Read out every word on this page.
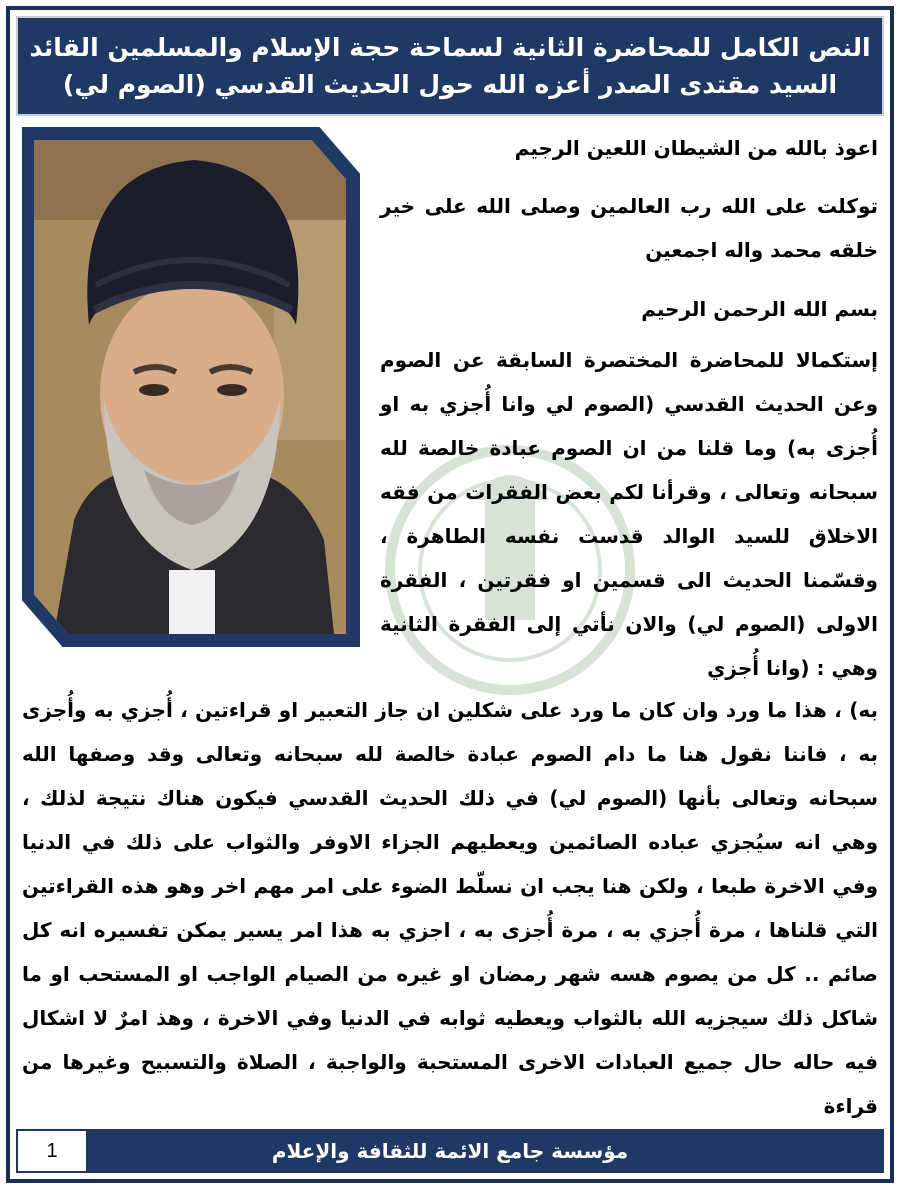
النص الكامل للمحاضرة الثانية لسماحة حجة الإسلام والمسلمين القائد
السيد مقتدى الصدر أعزه الله حول الحديث القدسي (الصوم لي)
اعوذ بالله من الشيطان اللعين الرجيم
توكلت على الله رب العالمين وصلى الله على خير خلقه محمد واله اجمعين
بسم الله الرحمن الرحيم
إستكمالا للمحاضرة المختصرة السابقة عن الصوم وعن الحديث القدسي (الصوم لي وانا أُجزي به او أُجزى به) وما قلنا من ان الصوم عبادة خالصة لله سبحانه وتعالى ، وقرأنا لكم بعض الفقرات من فقه الاخلاق للسيد الوالد قدست نفسه الطاهرة ، وقسّمنا الحديث الى قسمين او فقرتين ، الفقرة الاولى (الصوم لي) والان نأتي إلى الفقرة الثانية وهي : (وانا أُجزي
به) ، هذا ما ورد وان كان ما ورد على شكلين ان جاز التعبير او قراءتين ، أُجزي به وأُجزى به ، فاننا نقول هنا ما دام الصوم عبادة خالصة لله سبحانه وتعالى وقد وصفها الله سبحانه وتعالى بأنها (الصوم لي) في ذلك الحديث القدسي فيكون هناك نتيجة لذلك ، وهي انه سيُجزي عباده الصائمين ويعطيهم الجزاء الاوفر والثواب على ذلك في الدنيا وفي الاخرة طبعا ، ولكن هنا يجب ان نسلّط الضوء على امر مهم اخر وهو هذه القراءتين التي قلناها ، مرة أُجزي به ، مرة أُجزى به ، اجزي به هذا امر يسير يمكن تفسيره انه كل صائم .. كل من يصوم هسه شهر رمضان او غيره من الصيام الواجب او المستحب او ما شاكل ذلك سيجزيه الله بالثواب ويعطيه ثوابه في الدنيا وفي الاخرة ، وهذ امرٌ لا اشكال فيه حاله حال جميع العبادات الاخرى المستحبة والواجبة ، الصلاة والتسبيح وغيرها من قراءة
مؤسسة جامع الائمة للثقافة والإعلام
1
